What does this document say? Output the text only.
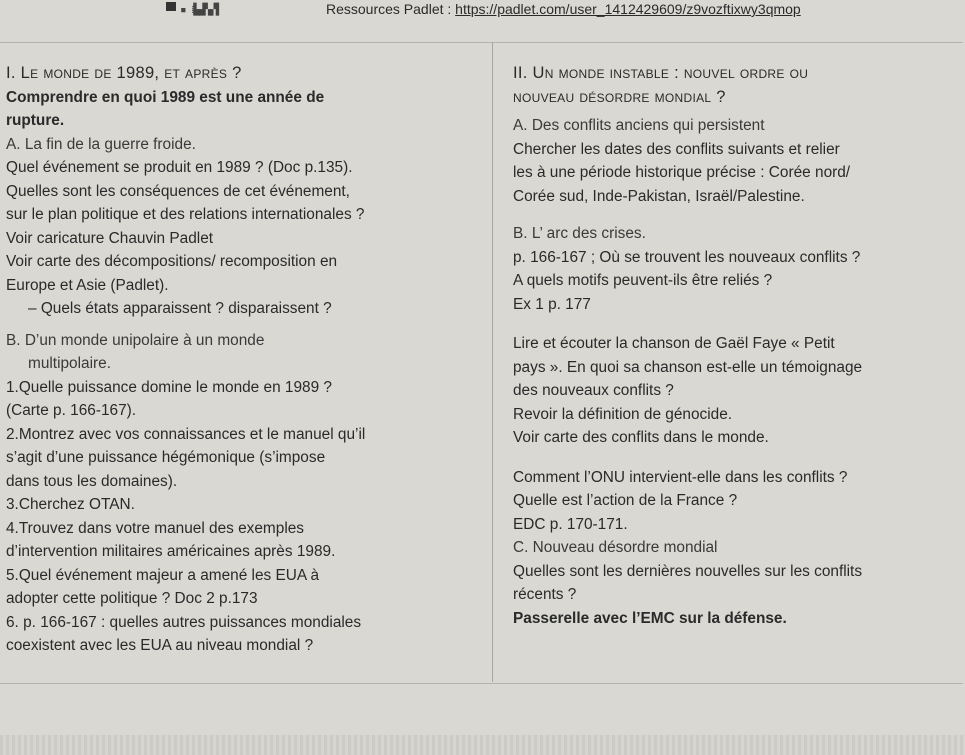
▪ ⁞▙▟▚▞▌	Ressources Padlet : https://padlet.com/user_1412429609/z9vozftixwy3qmop
I. Le monde de 1989, et après ?
Comprendre en quoi 1989 est une année de
rupture.
A. La fin de la guerre froide.
Quel événement se produit en 1989 ? (Doc p.135).
Quelles sont les conséquences de cet événement,
sur le plan politique et des relations internationales ?
Voir caricature Chauvin Padlet
Voir carte des décompositions/ recomposition en
Europe et Asie (Padlet).
– Quels états apparaissent ? disparaissent ?
B. D’un monde unipolaire à un monde
multipolaire.
1.Quelle puissance domine le monde en 1989 ?
(Carte p. 166-167).
2.Montrez avec vos connaissances et le manuel qu’il
s’agit d’une puissance hégémonique (s’impose
dans tous les domaines).
3.Cherchez OTAN.
4.Trouvez dans votre manuel des exemples
d’intervention militaires américaines après 1989.
5.Quel événement majeur a amené les EUA à
adopter cette politique ? Doc 2 p.173
6. p. 166-167 : quelles autres puissances mondiales
coexistent avec les EUA au niveau mondial ?
II. Un monde instable : nouvel ordre ou
nouveau désordre mondial ?
A. Des conflits anciens qui persistent
Chercher les dates des conflits suivants et relier
les à une période historique précise : Corée nord/
Corée sud, Inde-Pakistan, Israël/Palestine.
B. L’ arc des crises.
p. 166-167 ; Où se trouvent les nouveaux conflits ?
A quels motifs peuvent-ils être reliés ?
Ex 1 p. 177
Lire et écouter la chanson de Gaël Faye « Petit
pays ». En quoi sa chanson est-elle un témoignage
des nouveaux conflits ?
Revoir la définition de génocide.
Voir carte des conflits dans le monde.
Comment l’ONU intervient-elle dans les conflits ?
Quelle est l’action de la France ?
EDC p. 170-171.
C. Nouveau désordre mondial
Quelles sont les dernières nouvelles sur les conflits
récents ?
Passerelle avec l’EMC sur la défense.
